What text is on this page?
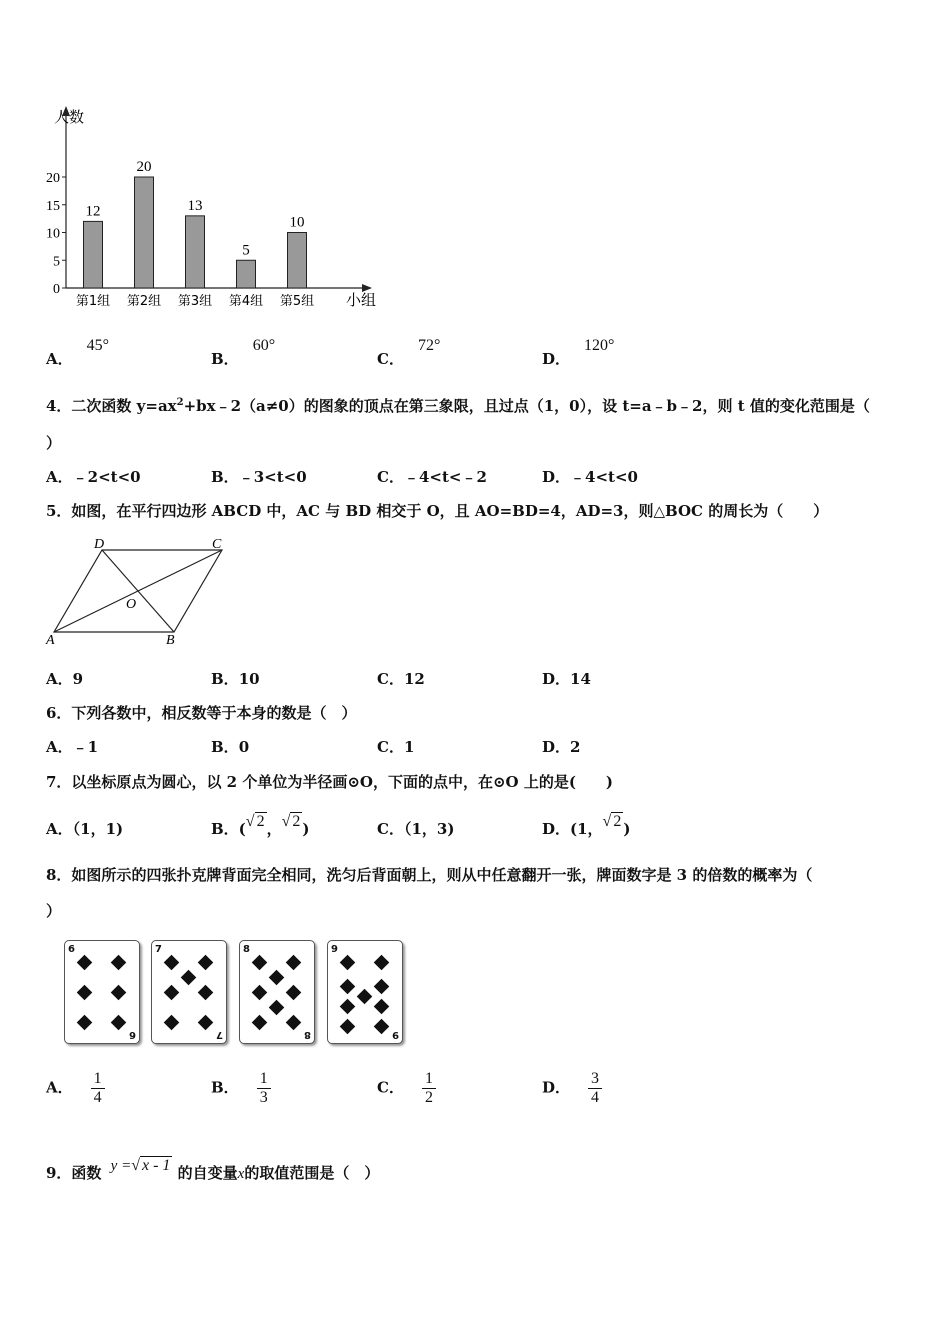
人数
小组
0
5
10
15
20
12
第1组
20
第2组
13
第3组
5
第4组
10
第5组
A．45°
B．60°
C．72°
D．120°
4．二次函数 $y=ax^2+bx﹣2(a\ne 0)$的图象的顶点在第三象限，且过点（1，0），设 t=a﹣b﹣2，则 t 值的变化范围是（
）
A．﹣2<t<0	B．﹣3<t<0	C．﹣4<t<﹣2	D．﹣4<t<0
5．如图，在平行四边形 ABCD 中，AC 与 BD 相交于 O，且 AO=BD=4，AD=3，则△BOC 的周长为（　　）
A	B
C
D
O
A．9	B．10	C．12	D．14
6．下列各数中，相反数等于本身的数是（　）
A．﹣1	B．0	C．1	D．2
7．以坐标原点为圆心，以 2 个单位为半径画⊙O，下面的点中，在⊙O 上的是(　　)
A．（1，1)	B．(√ 2 ，√ 2 )	C．（1，3)	D．(1，√ 2 )
8．如图所示的四张扑克牌背面完全相同，洗匀后背面朝上，则从中任意翻开一张，牌面数字是 3 的倍数的概率为（
）
6
6
7
7
8
8
9
9
A． $\frac{1}{4}$	B． $\frac{1}{3}$	C． $\frac{1}{2}$	D． $\frac{3}{4}$
9．函数 y =√ x - 1 的自变量x的取值范围是（　）
